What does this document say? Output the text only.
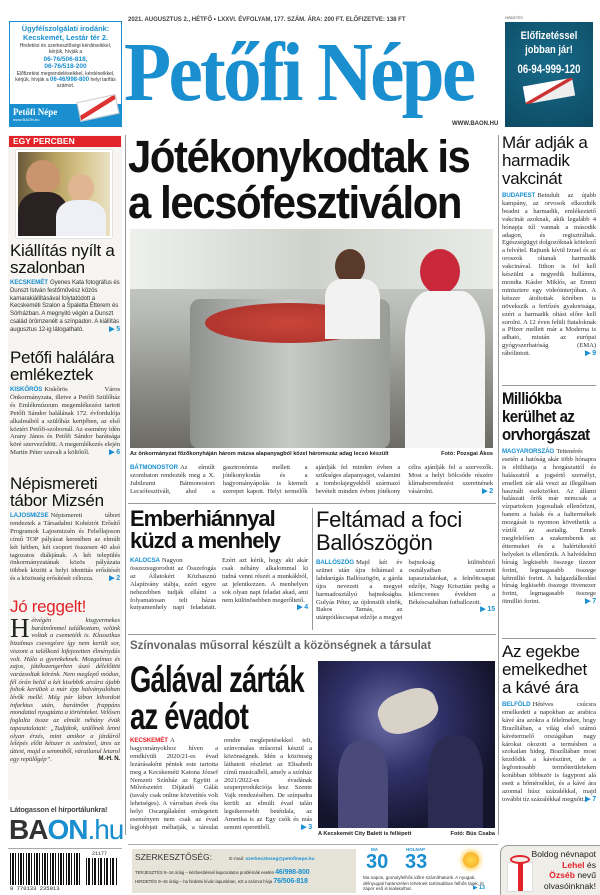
Ügyfélszolgálati irodánk:
Kecskemét, Lestár tér 2.
Hirdetési és szerkesztőségi kérdéseikkel, kérjük, hívják a
06-76/506-818,
06-76/518-200
Előfizetési megrendeléseikkel, kérdéseikkel, kérjük, hívják a 06-46/998-800 helyi tarifás számot.
Petőfi Népe
www.BAON.hu
2021. AUGUSZTUS 2., HÉTFŐ • LXXVI. ÉVFOLYAM, 177. SZÁM. ÁRA: 200 FT. ELŐFIZETVE: 138 FT
Petőfi Népe
WWW.BAON.HU
HIRDETÉS
Előfizetéssel
jobban jár!
06-94-999-120
EGY PERCBEN
Kiállítás nyílt a szalonban
KECSKEMÉT Gyenes Kata fotográfus és Dunszt István festőművész közös kamarakiállításával folytatódott a Kecskeméti Szalon a Spaletta Étterem és Sörházban. A megnyitó végén a Dunszt család örömzenélt a színpadon. A kiállítás augusztus 12-ig látogatható.	▶ 5
Petőfi halálára emlékeztek
KISKŐRÖS Kiskőrös Város Önkormányzata, illetve a Petőfi Szülőház és Emlékmúzeum megemlékezést tartott Petőfi Sándor halálának 172. évfordulója alkalmából a szülőház kertjében, az első köztéri Petőfi-szobornál. Az esemény idén Arany János és Petőfi Sándor barátsága köré szerveződött. A megemlékezés elején Martin Péter szavalt a költőtől.	▶ 6
Népismereti tábor Mizsén
LAJOSMIZSE Népismereti tábort rendeztek a Társadalmi Kohéziót Erősítő Programok Lajosmizsén és Felsőlajoson című TOP pályázat keretében az elmúlt két hétben, két csoport összesen 40 alsó tagozatos diákjának. A két település önkormányzatának közös pályázata többek között a helyi identitás erősítését és a közösség erősítését célozza. ▶ 2
Jó reggelt!
Hétvégén kisgyermekes barátnőmmel találkoztam, velünk voltak a csemetéik is. Klasszikus bizalmas csevegésre így nem került sor, viszont a találkozó kifejezetten élménydús volt. Hála a gyerekeknek. Mozgalmas és zajos, játékszengerben úszó délelőttöt varázsoltak körénk. Nem meglepő módon, fél órán belül a két kisebbik arcára újabb foltok kerültek a már épp halványulóban lévők mellé. Még pár lábon kihordott infarktus után, barátnőm frappáns mondattal nyugtázta a történteket. Velősen foglalta össze az elmúlt néhány évük tapasztalatait: „Tudjátok, szülőnek lenni olyan érzés, mint amikor a járdáról lelépés előtt kétszer is szétnézel, üres az úttest, majd a semmiből, váratlanul letarol egy repülőgép”.	M.-H. N.
Látogasson el hírportálunkra!
BAON.hu
21177
9 770133 235013
Jótékonykodtak is a lecsófesztiválon
Az önkormányzat főzőkonyháján három mázsa alapanyagból közel háromszáz adag lecsó készült	Fotó: Pozsgai Ákos
BÁTMONOSTOR Az elmúlt szombaton rendezték meg a X. Jubileumi Bátmonostori Lecsófesztivált, ahol a gasztronómia mellett a jótékonykodás és a hagyományápolás is kiemelt szerepet kapott. Helyi termelők ajánlják fel minden évben a szükséges alapanyagot, valamint a tombolajegyekből származó bevételt minden évben jótékony célra ajánlják fel a szervezők. Most a helyi bölcsőde részére klímaberendezést szeretnének vásárolni.	▶ 2
Emberhiánnyal küzd a menhely
KALOCSA Nagyon összezsugorodott az Összefogás az Állatokért Közhasznú Alapítvány stábja, ezért egyre nehezebben tudják ellátni a folyamatosan telt házas kutyamenhely napi feladatait. Ezért azt kérik, hogy aki akár csak néhány alkalommal ki tudná venni részét a munkákból, az jelentkezzen. A menhelyen sok olyan napi feladat akad, ami nem különösebben megerőltető.
▶ 4
Feltámad a foci Ballószögön
BALLÓSZÖG Majd két év szünet után újra feltámad a labdarúgás Ballószögön, a gárda újra nevezett a megyei harmadosztályú bajnokságba. Gulyás Péter, az újdonsült elnök, Bakos Tamás, az utánpótláscsapat edzője a megyei bajnokság különböző osztályaiban szerzett tapasztalatokat, a felnőttcsapat edzője, Nagy Krisztián pedig a kilencvenes években a Békéscsabában futballozott.
▶ 15
Színvonalas műsorral készült a közönségnek a társulat
Gálával zárták az évadot
KECSKEMÉT A hagyományokhoz híven a rendkívüli 2020/21-es évad lezárásaként péntek este tartotta meg a Kecskeméti Katona József Nemzeti Színház az Együtt a Művészetért Díjátadó Gálát (tavaly csak online közvetítés volt lehetséges). A városban évek óta helyi Oscargálaként emlegetett eseményen nem csak az évad legjobbjait méltatják, a társulat rendre meglepetésekkel teli, színvonalas műsorral készül a közönségnek. Idén a közönség láthatott részletet az Elisabeth című musicalből, amely a színház 2021/2022-es évadának szuperprodukciója lesz Szente Vajk rendezésében. De színpadra került az elmúlt évad talán legsikeresebb betétdala, az Amerika is az Egy csók és más semmi operettből.	▶ 3
A Kecskemét City Balett is fellépett	Fotó: Bús Csaba
Már adják a harmadik vakcinát
BUDAPEST Beindult az újabb kampány, az orvosok elkezdték beadni a harmadik, emlékeztető vakcinát azoknak, akik legalább 4 hónapja túl vannak a második adagon, és regisztráltak. Egészségügyi dolgozóknak kötelező a felvétel. Rajtunk kívül Izrael és az oroszok oltanak harmadik vakcinával. Itthon is fel kell készülni a negyedik hullámra, mondta Kásler Miklós, az Emmi minisztere egy videóinterjúban. A kétszer átoltottak körében is növekszik a fertőzés gyakorisága, ezért a harmadik oltást előre kell sorolni. A 12 éven felüli fiataloknak a Pfizer mellett már a Moderna is adható, miután az európai gyógyszerhatóság (EMA) rábólintott.	▶ 9
Milliókba kerülhet az orvhorgászat
MAGYARORSZÁG Tettenérés esetén a hatóság akár több hónapra is eltilthatja a horgászattól és halászattól a jogsértő személyt, emellett zár alá veszi az illegálisan használt eszközöket. Az állami halászati őrök már nemcsak a vízpartokon jogosultak ellenőrizni, hanem a halak és a haltermékek mozgását is nyomon követhetik a víztől az asztalig. Ennek megfelelően a szakemberek az éttermeket és a halértékesítő helyeket is ellenőrzik. A halvédelmi bírság legkisebb összege tízezer forint, legmagasabb összege kétmillió forint. A halgazdálkodási bírság legkisebb összege ötvenezer forint, legmagasabb összege ötmillió forint.	▶ 7
Az egekbe emelkedhet a kávé ára
BELFÖLD Hétéves csúcsra emelkedett a napokban az arabica kávé ára azokra a félelmekre, hogy Brazíliában, a világ első számú kávétermelő országában nagy károkat okozott a termésben a szokatlan hideg. Brazíliában most kezdődik a kávészüret, de a legfontosabb termőterületeken korábban többször is fagypont alá esett a hőmérséklet, és a kávé ára azonnal húsz százalékkal, majd további tíz százalékkal megnőtt. ▶ 7
SZERKESZTŐSÉG:	E-mail: szerkesztoseg@petofinepe.hu
TERJESZTÉS 8–16 óráig – kézbesítéssel kapcsolatos problémák esetén 46/998-800
HIRDETÉS 8–16 óráig – ha hirdetni kíván lapunkban, ezt a számot hívja 76/506-818
MA
30
HOLNAP
33
Ma napos, gomolyfelhős időre számíthatunk. A nyugati, délnyugati határszélen lehetnek tartósabban felhős tájak, itt zápor eső is kialakulhat.	▶ 13
Boldog névnapot
Lehel és
Özséb nevű
olvasóinknak!
